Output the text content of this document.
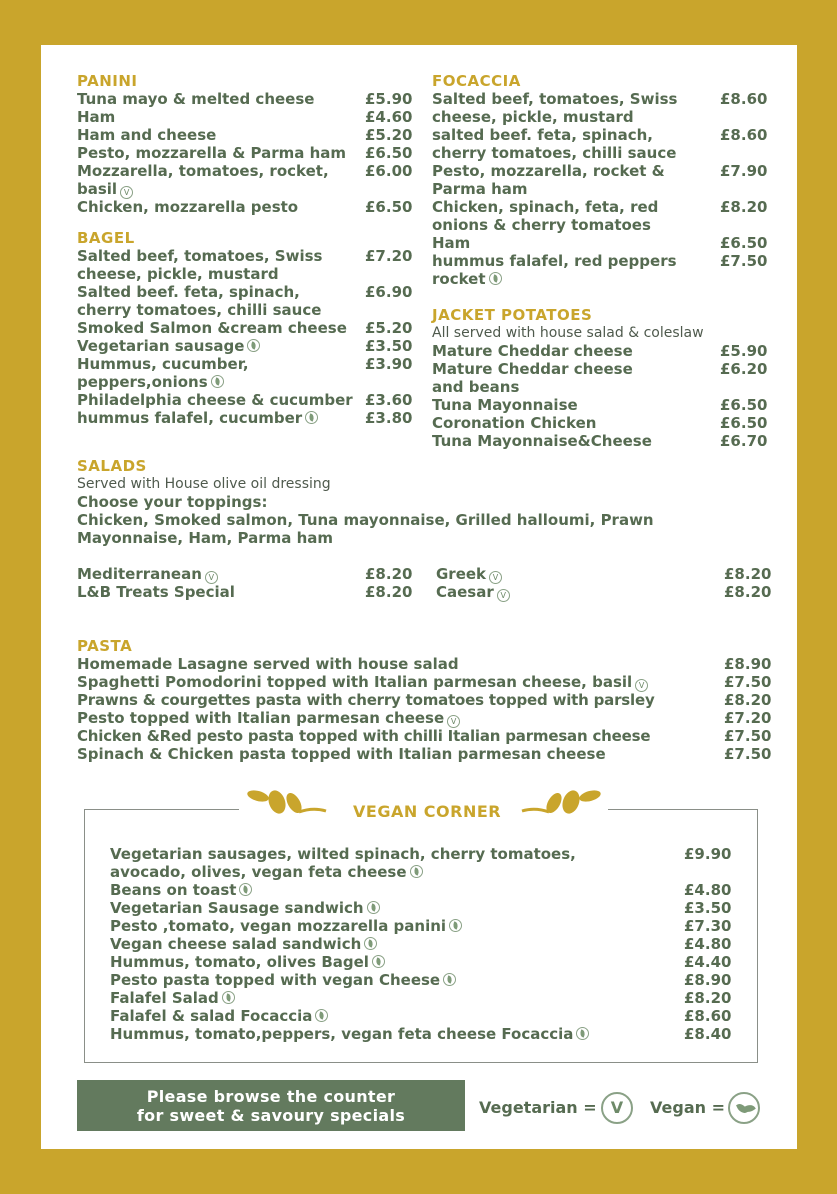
PANINI
Tuna mayo & melted cheese	£5.90
Ham	£4.60
Ham and cheese	£5.20
Pesto, mozzarella & Parma ham £6.50
Mozzarella, tomatoes, rocket, £6.00
basil V
Chicken, mozzarella pesto	£6.50
BAGEL
Salted beef, tomatoes, Swiss	£7.20
cheese, pickle, mustard
Salted beef. feta, spinach,	£6.90
cherry tomatoes, chilli sauce
Smoked Salmon &cream cheese £5.20
Vegetarian sausage	£3.50
Hummus, cucumber,	£3.90
peppers,onions
Philadelphia cheese & cucumber £3.60
hummus falafel, cucumber	£3.80
FOCACCIA
Salted beef, tomatoes, Swiss	£8.60
cheese, pickle, mustard
salted beef. feta, spinach,	£8.60
cherry tomatoes, chilli sauce
Pesto, mozzarella, rocket &	£7.90
Parma ham
Chicken, spinach, feta, red	£8.20
onions & cherry tomatoes
Ham	£6.50
hummus falafel, red peppers	£7.50
rocket
JACKET POTATOES
All served with house salad & coleslaw
Mature Cheddar cheese	£5.90
Mature Cheddar cheese	£6.20
and beans
Tuna Mayonnaise	£6.50
Coronation Chicken	£6.50
Tuna Mayonnaise&Cheese	£6.70
SALADS
Served with House olive oil dressing
Choose your toppings:
Chicken, Smoked salmon, Tuna mayonnaise, Grilled halloumi, Prawn
Mayonnaise, Ham, Parma ham
Mediterranean V	£8.20
L&B Treats Special	£8.20
Greek V	£8.20
Caesar V	£8.20
PASTA
Homemade Lasagne served with house salad	£8.90
Spaghetti Pomodorini topped with Italian parmesan cheese, basil V	£7.50
Prawns & courgettes pasta with cherry tomatoes topped with parsley	£8.20
Pesto topped with Italian parmesan cheese V	£7.20
Chicken &Red pesto pasta topped with chilli Italian parmesan cheese	£7.50
Spinach & Chicken pasta topped with Italian parmesan cheese	£7.50
VEGAN CORNER
Vegetarian sausages, wilted spinach, cherry tomatoes,	£9.90
avocado, olives, vegan feta cheese
Beans on toast	£4.80
Vegetarian Sausage sandwich	£3.50
Pesto ,tomato, vegan mozzarella panini	£7.30
Vegan cheese salad sandwich	£4.80
Hummus, tomato, olives Bagel	£4.40
Pesto pasta topped with vegan Cheese	£8.90
Falafel Salad	£8.20
Falafel & salad Focaccia	£8.60
Hummus, tomato,peppers, vegan feta cheese Focaccia	£8.40
Please browse the counter
for sweet & savoury specials	Vegetarian = V	Vegan =
